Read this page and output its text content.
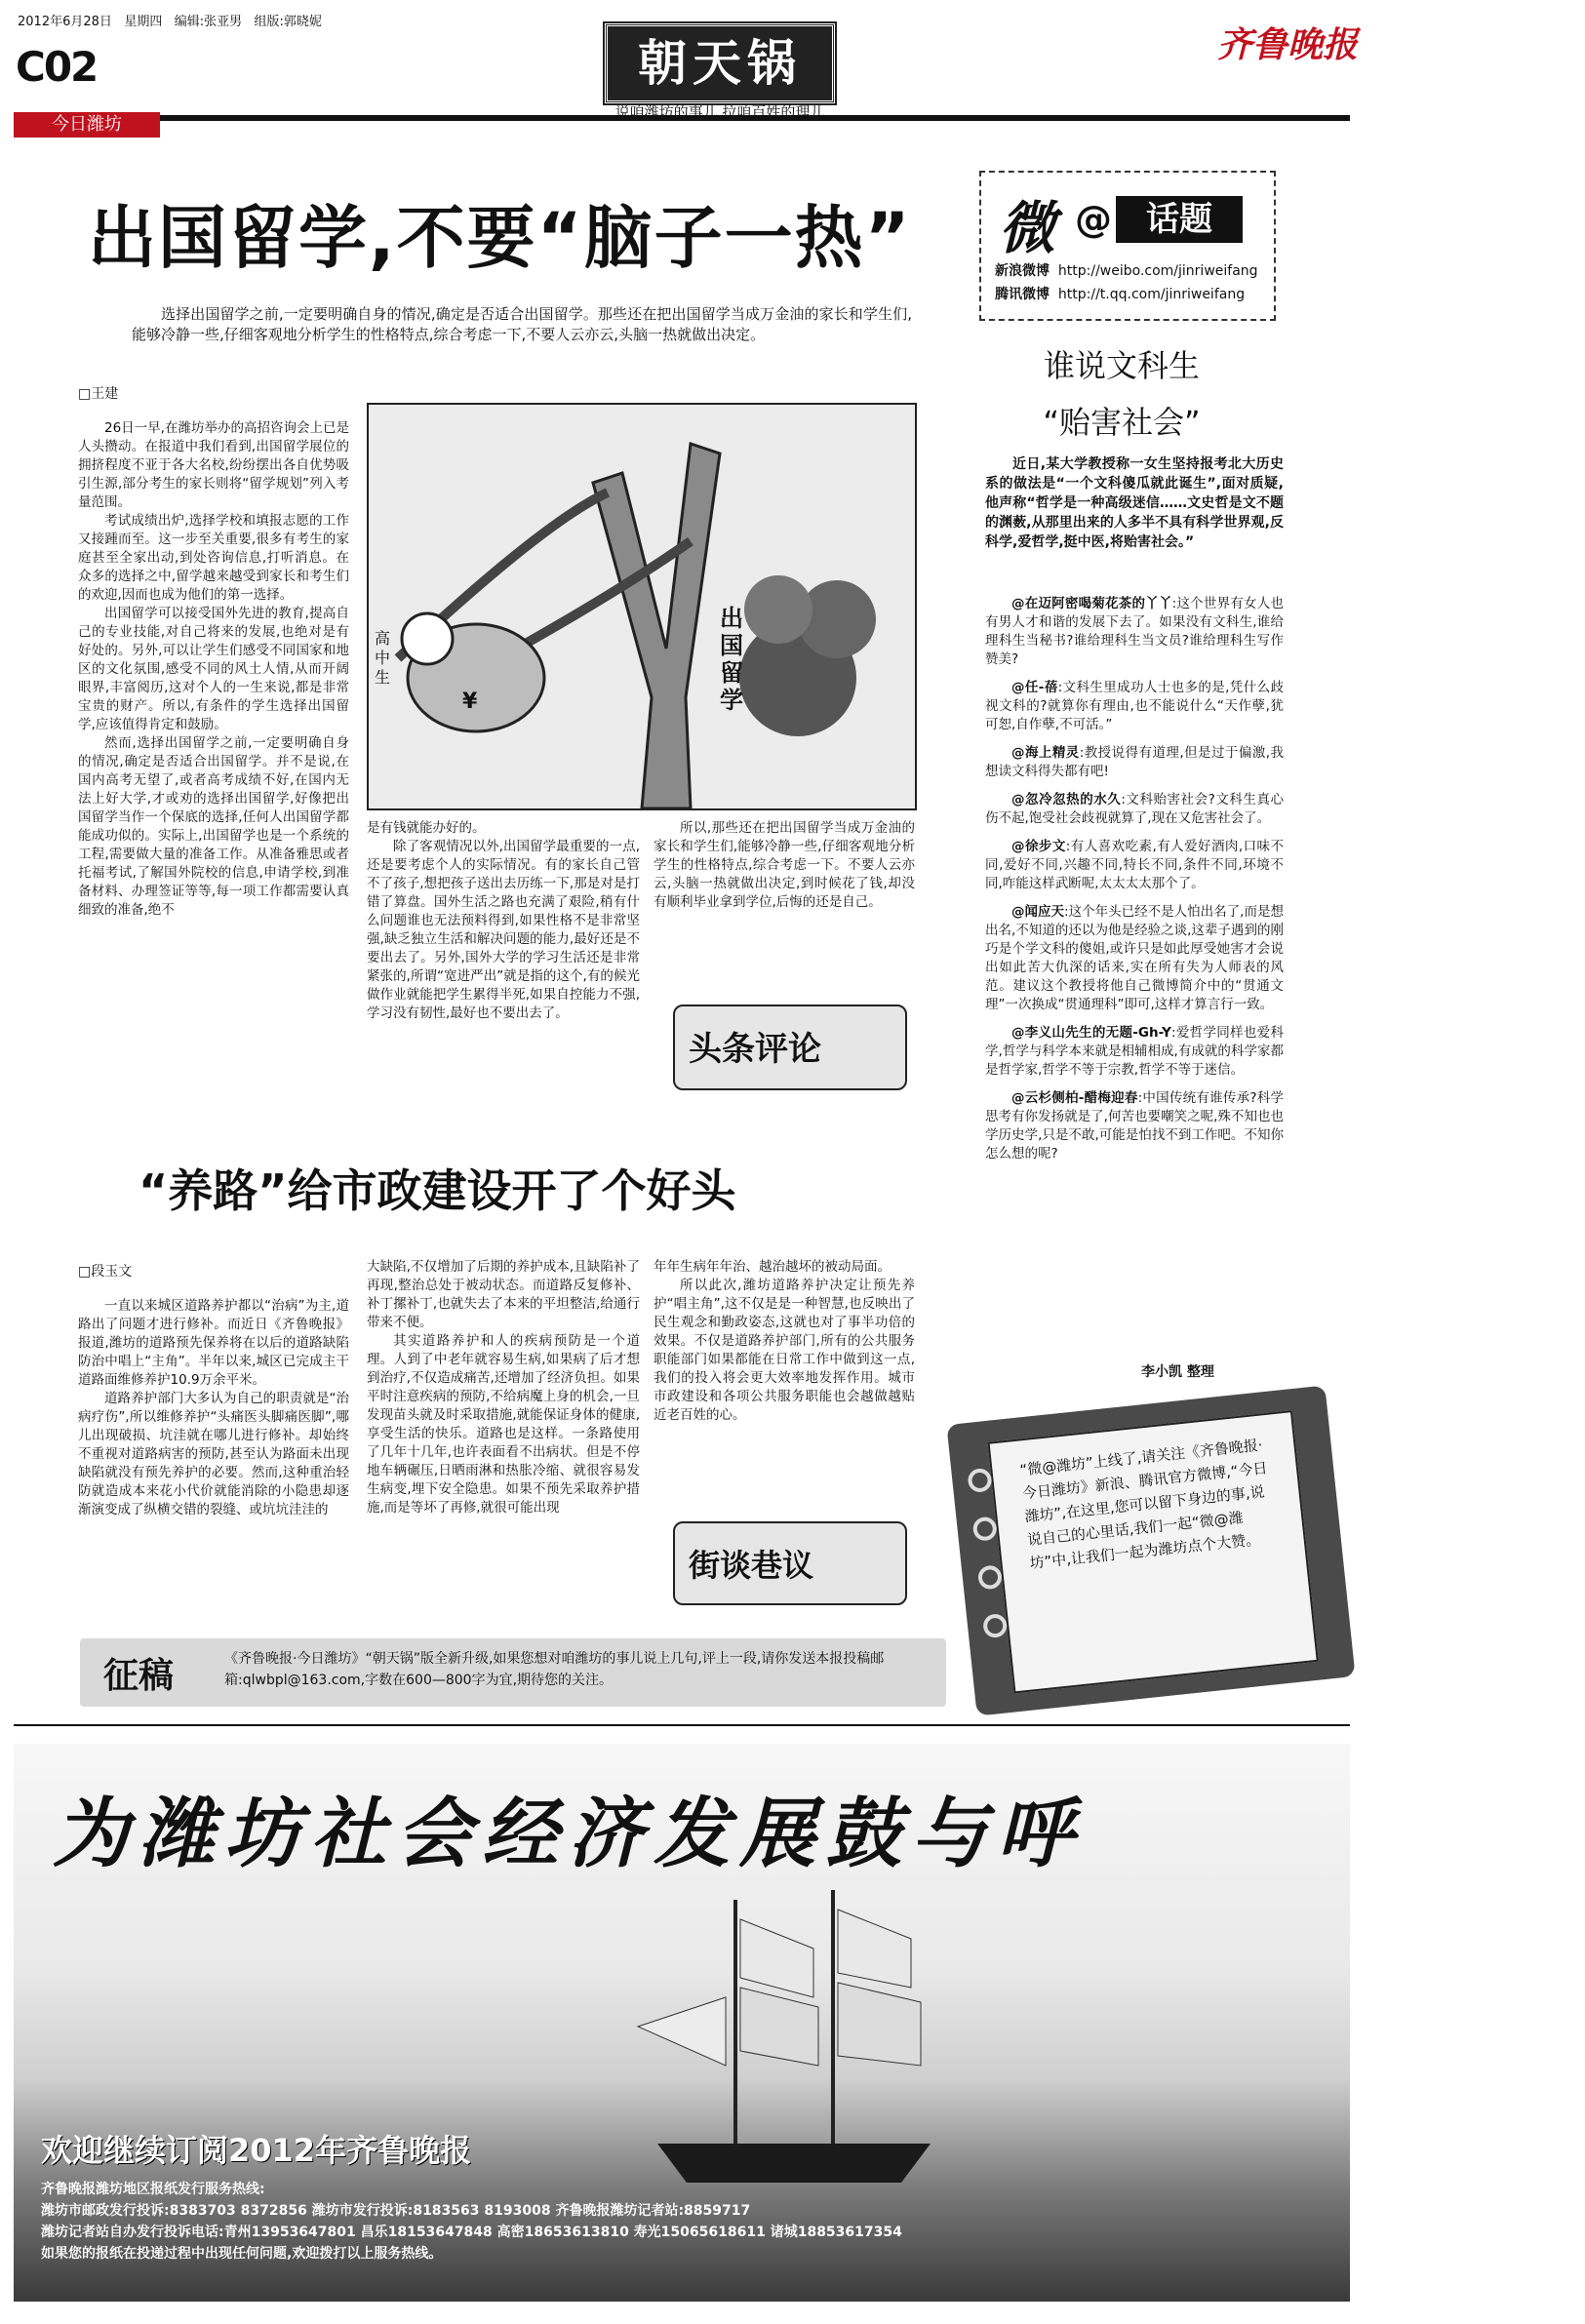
2012年6月28日 星期四 编辑:张亚男 组版:郭晓妮
C02
今日潍坊
朝天锅
说咱潍坊的事儿 拉咱百姓的理儿
齐鲁晚报
出国留学,不要“脑子一热”
选择出国留学之前,一定要明确自身的情况,确定是否适合出国留学。那些还在把出国留学当成万金油的家长和学生们,能够冷静一些,仔细客观地分析学生的性格特点,综合考虑一下,不要人云亦云,头脑一热就做出决定。
□王建

26日一早,在潍坊举办的高招咨询会上已是人头攒动。在报道中我们看到,出国留学展位的拥挤程度不亚于各大名校,纷纷摆出各自优势吸引生源,部分考生的家长则将“留学规划”列入考量范围。

考试成绩出炉,选择学校和填报志愿的工作又接踵而至。这一步至关重要,很多有考生的家庭甚至全家出动,到处咨询信息,打听消息。在众多的选择之中,留学越来越受到家长和考生们的欢迎,因而也成为他们的第一选择。

出国留学可以接受国外先进的教育,提高自己的专业技能,对自己将来的发展,也绝对是有好处的。另外,可以让学生们感受不同国家和地区的文化氛围,感受不同的风土人情,从而开阔眼界,丰富阅历,这对个人的一生来说,都是非常宝贵的财产。所以,有条件的学生选择出国留学,应该值得肯定和鼓励。

然而,选择出国留学之前,一定要明确自身的情况,确定是否适合出国留学。并不是说,在国内高考无望了,或者高考成绩不好,在国内无法上好大学,才或劝的选择出国留学,好像把出国留学当作一个保底的选择,任何人出国留学都能成功似的。实际上,出国留学也是一个系统的工程,需要做大量的准备工作。从准备雅思或者托福考试,了解国外院校的信息,申请学校,到准备材料、办理签证等等,每一项工作都需要认真细致的准备,绝不

高中生
¥
出国留学

是有钱就能办好的。

除了客观情况以外,出国留学最重要的一点,还是要考虑个人的实际情况。有的家长自己管不了孩子,想把孩子送出去历练一下,那是对是打错了算盘。国外生活之路也充满了艰险,稍有什么问题谁也无法预料得到,如果性格不是非常坚强,缺乏独立生活和解决问题的能力,最好还是不要出去了。另外,国外大学的学习生活还是非常紧张的,所谓“宽进严出”就是指的这个,有的候光做作业就能把学生累得半死,如果自控能力不强,学习没有韧性,最好也不要出去了。

所以,那些还在把出国留学当成万金油的家长和学生们,能够冷静一些,仔细客观地分析学生的性格特点,综合考虑一下。不要人云亦云,头脑一热就做出决定,到时候花了钱,却没有顺利毕业拿到学位,后悔的还是自己。

头条评论
“养路”给市政建设开了个好头
□段玉文

一直以来城区道路养护都以“治病”为主,道路出了问题才进行修补。而近日《齐鲁晚报》报道,潍坊的道路预先保养将在以后的道路缺陷防治中唱上“主角”。半年以来,城区已完成主干道路面维修养护10.9万余平米。

道路养护部门大多认为自己的职责就是“治病疗伤”,所以维修养护“头痛医头脚痛医脚”,哪儿出现破损、坑洼就在哪儿进行修补。却始终不重视对道路病害的预防,甚至认为路面未出现缺陷就没有预先养护的必要。然而,这种重治轻防就造成本来花小代价就能消除的小隐患却逐渐演变成了纵横交错的裂缝、或坑坑洼洼的

大缺陷,不仅增加了后期的养护成本,且缺陷补了再现,整治总处于被动状态。而道路反复修补、补丁摞补丁,也就失去了本来的平坦整洁,给通行带来不便。

其实道路养护和人的疾病预防是一个道理。人到了中老年就容易生病,如果病了后才想到治疗,不仅造成痛苦,还增加了经济负担。如果平时注意疾病的预防,不给病魔上身的机会,一旦发现苗头就及时采取措施,就能保证身体的健康,享受生活的快乐。道路也是这样。一条路使用了几年十几年,也许表面看不出病状。但是不停地车辆碾压,日晒雨淋和热胀冷缩、就很容易发生病变,埋下安全隐患。如果不预先采取养护措施,而是等坏了再修,就很可能出现

年年生病年年治、越治越坏的被动局面。

所以此次,潍坊道路养护决定让预先养护“唱主角”,这不仅是是一种智慧,也反映出了民生观念和勤政姿态,这就也对了事半功倍的效果。不仅是道路养护部门,所有的公共服务职能部门如果都能在日常工作中做到这一点,我们的投入将会更大效率地发挥作用。城市市政建设和各项公共服务职能也会越做越贴近老百姓的心。

街谈巷议
征稿	《齐鲁晚报·今日潍坊》“朝天锅”版全新升级,如果您想对咱潍坊的事儿说上几句,评上一段,请你发送本报投稿邮箱:qlwbpl@163.com,字数在600—800字为宜,期待您的关注。
微 @	话题
新浪微博 http://weibo.com/jinriweifang
腾讯微博 http://t.qq.com/jinriweifang
谁说文科生
“贻害社会”
近日,某大学教授称一女生坚持报考北大历史系的做法是“一个文科傻瓜就此诞生”,面对质疑,他声称“哲学是一种高级迷信……文史哲是文不题的渊薮,从那里出来的人多半不具有科学世界观,反科学,爱哲学,挺中医,将贻害社会。”

@在迈阿密喝菊花茶的丫丫:这个世界有女人也有男人才和谐的发展下去了。如果没有文科生,谁给理科生当秘书?谁给理科生当文员?谁给理科生写作赞美?

@任-蓓:文科生里成功人士也多的是,凭什么歧视文科的?就算你有理由,也不能说什么“天作孽,犹可恕,自作孽,不可活。”

@海上精灵:教授说得有道理,但是过于偏激,我想读文科得失都有吧!

@忽冷忽热的水久:文科贻害社会?文科生真心伤不起,饱受社会歧视就算了,现在又危害社会了。

@徐步文:有人喜欢吃素,有人爱好酒肉,口味不同,爱好不同,兴趣不同,特长不同,条件不同,环境不同,咋能这样武断呢,太太太太那个了。

@闻应天:这个年头已经不是人怕出名了,而是想出名,不知道的还以为他是经验之谈,这辈子遇到的刚巧是个学文科的傻姐,或许只是如此厚受她害才会说出如此苦大仇深的话来,实在所有失为人师表的风范。建议这个教授将他自己微博简介中的“贯通文理”一次换成“贯通理科”即可,这样才算言行一致。

@李义山先生的无题-Gh-Y:爱哲学同样也爱科学,哲学与科学本来就是相辅相成,有成就的科学家都是哲学家,哲学不等于宗教,哲学不等于迷信。

@云杉侧柏-醋梅迎春:中国传统有谁传承?科学思考有你发扬就是了,何苦也要嘲笑之呢,殊不知也也学历史学,只是不敢,可能是怕找不到工作吧。不知你怎么想的呢?

李小凯 整理
“微@潍坊”上线了,请关注《齐鲁晚报·今日潍坊》新浪、腾讯官方微博,“今日潍坊”,在这里,您可以留下身边的事,说说自己的心里话,我们一起“微@潍坊”中,让我们一起为潍坊点个大赞。
为潍坊社会经济发展鼓与呼
欢迎继续订阅2012年齐鲁晚报
齐鲁晚报潍坊地区报纸发行服务热线:
潍坊市邮政发行投诉:8383703 8372856 潍坊市发行投诉:8183563 8193008 齐鲁晚报潍坊记者站:8859717
潍坊记者站自办发行投诉电话:青州13953647801 昌乐18153647848 高密18653613810 寿光15065618611 诸城18853617354
如果您的报纸在投递过程中出现任何问题,欢迎拨打以上服务热线。
